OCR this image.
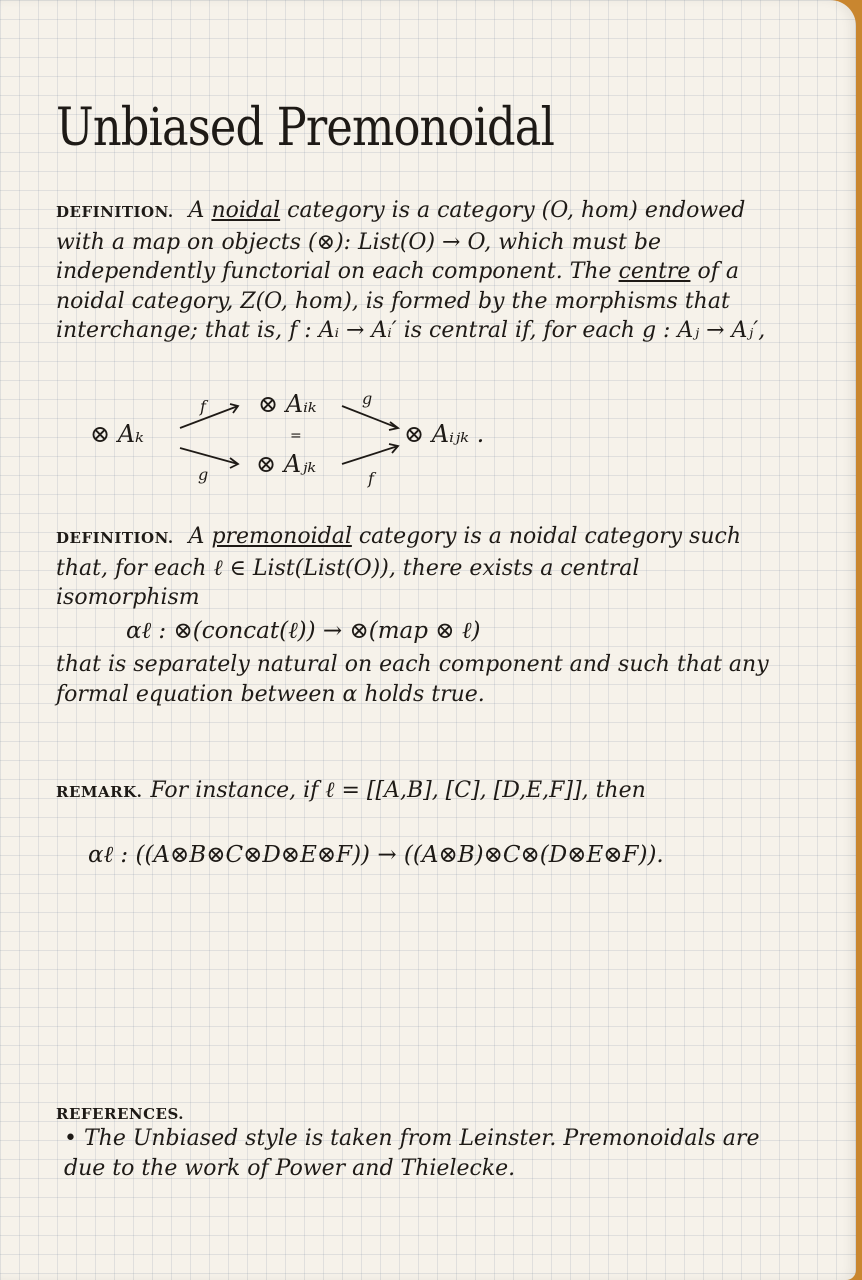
Unbiased Premonoidal
DEFINITION. A noidal category is a category (O, hom) endowed with a map on objects (⊗): List(O) → O, which must be independently functorial on each component. The centre of a noidal category, Z(O, hom), is formed by the morphisms that interchange; that is, f : Aᵢ → Aᵢ′ is central if, for each g : Aⱼ → Aⱼ′,
⊗ Aₖ
⊗ Aᵢₖ
=
⊗ Aⱼₖ
⊗ Aᵢⱼₖ .
f	g
g	f
DEFINITION. A premonoidal category is a noidal category such that, for each ℓ ∈ List(List(O)), there exists a central isomorphism
αℓ : ⊗(concat(ℓ)) → ⊗(map ⊗ ℓ)
that is separately natural on each component and such that any formal equation between α holds true.
REMARK. For instance, if ℓ = [[A,B], [C], [D,E,F]], then
αℓ : ((A⊗B⊗C⊗D⊗E⊗F)) → ((A⊗B)⊗C⊗(D⊗E⊗F)).
REFERENCES.
• The Unbiased style is taken from Leinster. Premonoidals are due to the work of Power and Thielecke.
